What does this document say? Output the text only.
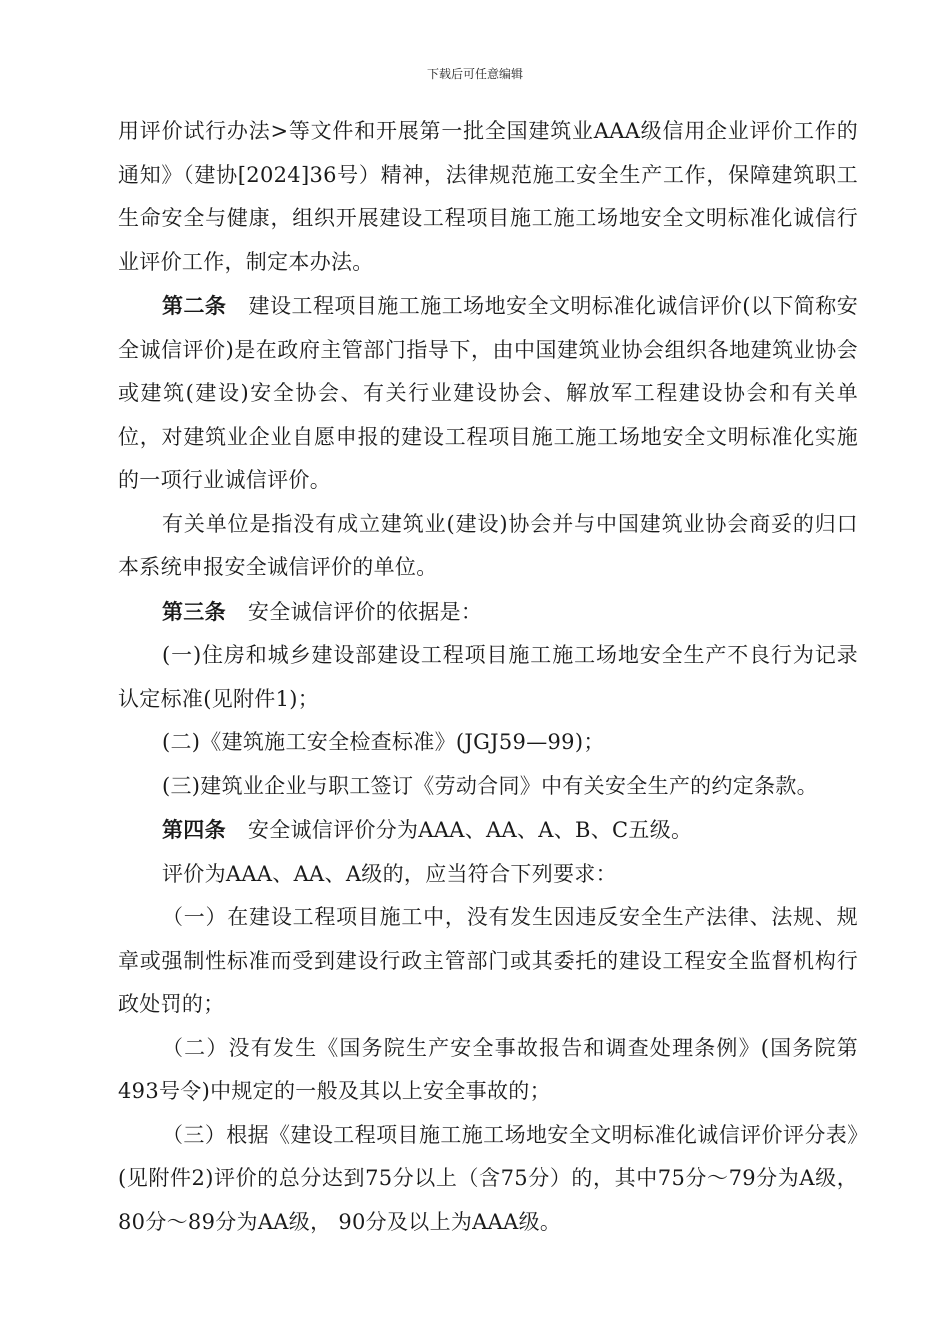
下载后可任意编辑

用评价试行办法>等文件和开展第一批全国建筑业AAA级信用企业评价工作的通知》（建协[2024]36号）精神，法律规范施工安全生产工作，保障建筑职工生命安全与健康，组织开展建设工程项目施工施工场地安全文明标准化诚信行业评价工作，制定本办法。

第二条 建设工程项目施工施工场地安全文明标准化诚信评价(以下简称安全诚信评价)是在政府主管部门指导下，由中国建筑业协会组织各地建筑业协会或建筑(建设)安全协会、有关行业建设协会、解放军工程建设协会和有关单位，对建筑业企业自愿申报的建设工程项目施工施工场地安全文明标准化实施的一项行业诚信评价。

有关单位是指没有成立建筑业(建设)协会并与中国建筑业协会商妥的归口本系统申报安全诚信评价的单位。

第三条 安全诚信评价的依据是：

(一)住房和城乡建设部建设工程项目施工施工场地安全生产不良行为记录认定标准(见附件1)；

(二)《建筑施工安全检查标准》(JGJ59—99)；

(三)建筑业企业与职工签订《劳动合同》中有关安全生产的约定条款。

第四条 安全诚信评价分为AAA、AA、A、B、C五级。

评价为AAA、AA、A级的，应当符合下列要求：

（一）在建设工程项目施工中，没有发生因违反安全生产法律、法规、规章或强制性标准而受到建设行政主管部门或其委托的建设工程安全监督机构行政处罚的；

（二）没有发生《国务院生产安全事故报告和调查处理条例》(国务院第493号令)中规定的一般及其以上安全事故的；

（三）根据《建设工程项目施工施工场地安全文明标准化诚信评价评分表》(见附件2)评价的总分达到75分以上（含75分）的，其中75分～79分为A级，80分～89分为AA级， 90分及以上为AAA级。
